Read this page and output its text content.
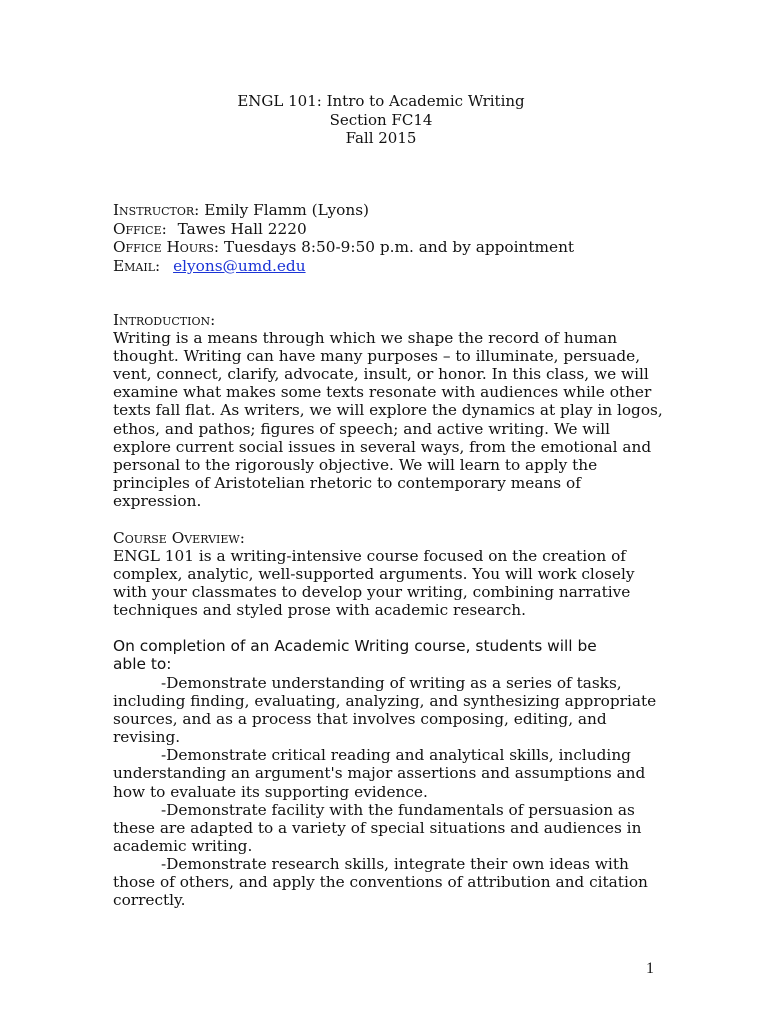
ENGL 101: Intro to Academic Writing
Section FC14
Fall 2015
Instructor: Emily Flamm (Lyons)
Office: Tawes Hall 2220
Office Hours: Tuesdays 8:50-9:50 p.m. and by appointment
Email: elyons@umd.edu
Introduction:
Writing is a means through which we shape the record of human
thought. Writing can have many purposes – to illuminate, persuade,
vent, connect, clarify, advocate, insult, or honor. In this class, we will
examine what makes some texts resonate with audiences while other
texts fall flat. As writers, we will explore the dynamics at play in logos,
ethos, and pathos; figures of speech; and active writing. We will
explore current social issues in several ways, from the emotional and
personal to the rigorously objective. We will learn to apply the
principles of Aristotelian rhetoric to contemporary means of
expression.
Course Overview:
ENGL 101 is a writing-intensive course focused on the creation of
complex, analytic, well-supported arguments. You will work closely
with your classmates to develop your writing, combining narrative
techniques and styled prose with academic research.
On completion of an Academic Writing course, students will be
able to:
-Demonstrate understanding of writing as a series of tasks,
including finding, evaluating, analyzing, and synthesizing appropriate
sources, and as a process that involves composing, editing, and
revising.
-Demonstrate critical reading and analytical skills, including
understanding an argument's major assertions and assumptions and
how to evaluate its supporting evidence.
-Demonstrate facility with the fundamentals of persuasion as
these are adapted to a variety of special situations and audiences in
academic writing.
-Demonstrate research skills, integrate their own ideas with
those of others, and apply the conventions of attribution and citation
correctly.
1
